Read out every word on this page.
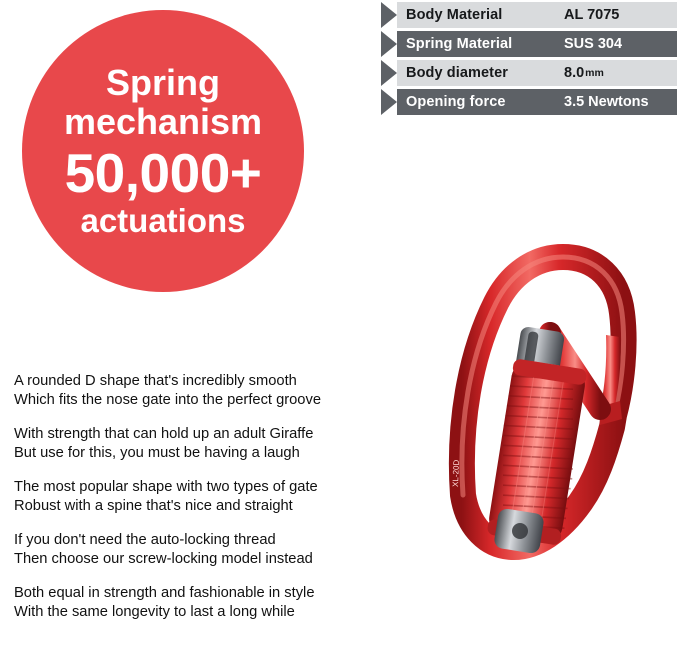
Body Material	AL 7075
Spring Material	SUS 304
Body diameter	8.0 mm
Opening force	3.5 Newtons
Spring
mechanism
50,000+
actuations
A rounded D shape that's incredibly smooth
Which fits the nose gate into the perfect groove
With strength that can hold up an adult Giraffe
But use for this, you must be having a laugh
The most popular shape with two types of gate
Robust with a spine that's nice and straight
If you don't need the auto-locking thread
Then choose our screw-locking model instead
Both equal in strength and fashionable in style
With the same longevity to last a long while
FRESHARO XL-20D
